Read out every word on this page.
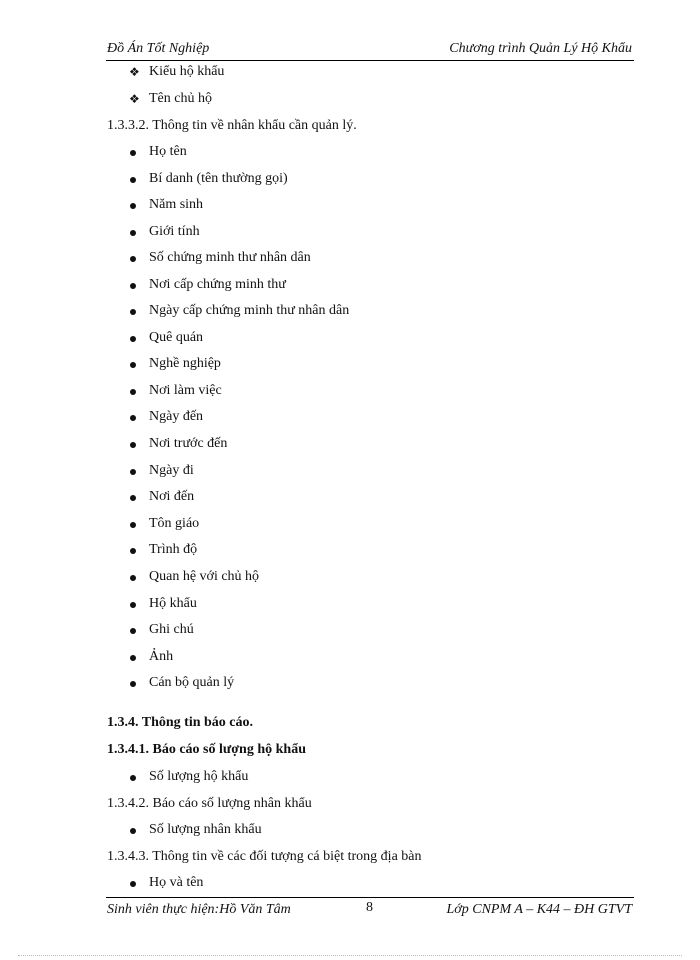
Đồ Án Tốt Nghiệp	Chương trình Quản Lý Hộ Khẩu
❖ Kiểu hộ khẩu
❖ Tên chủ hộ
1.3.3.2. Thông tin về nhân khẩu cần quản lý.
Họ tên
Bí danh (tên thường gọi)
Năm sinh
Giới tính
Số chứng minh thư nhân dân
Nơi cấp chứng minh thư
Ngày cấp chứng minh thư nhân dân
Quê quán
Nghề nghiệp
Nơi làm việc
Ngày đến
Nơi trước đến
Ngày đi
Nơi đến
Tôn giáo
Trình độ
Quan hệ với chủ hộ
Hộ khẩu
Ghi chú
Ảnh
Cán bộ quản lý
1.3.4. Thông tin báo cáo.
1.3.4.1. Báo cáo số lượng hộ khẩu
Số lượng hộ khẩu
1.3.4.2. Báo cáo số lượng nhân khẩu
Số lượng nhân khẩu
1.3.4.3. Thông tin về các đối tượng cá biệt trong địa bàn
Họ và tên
Sinh viên thực hiện:Hồ Văn Tâm	8	Lớp CNPM A – K44 – ĐH GTVT
